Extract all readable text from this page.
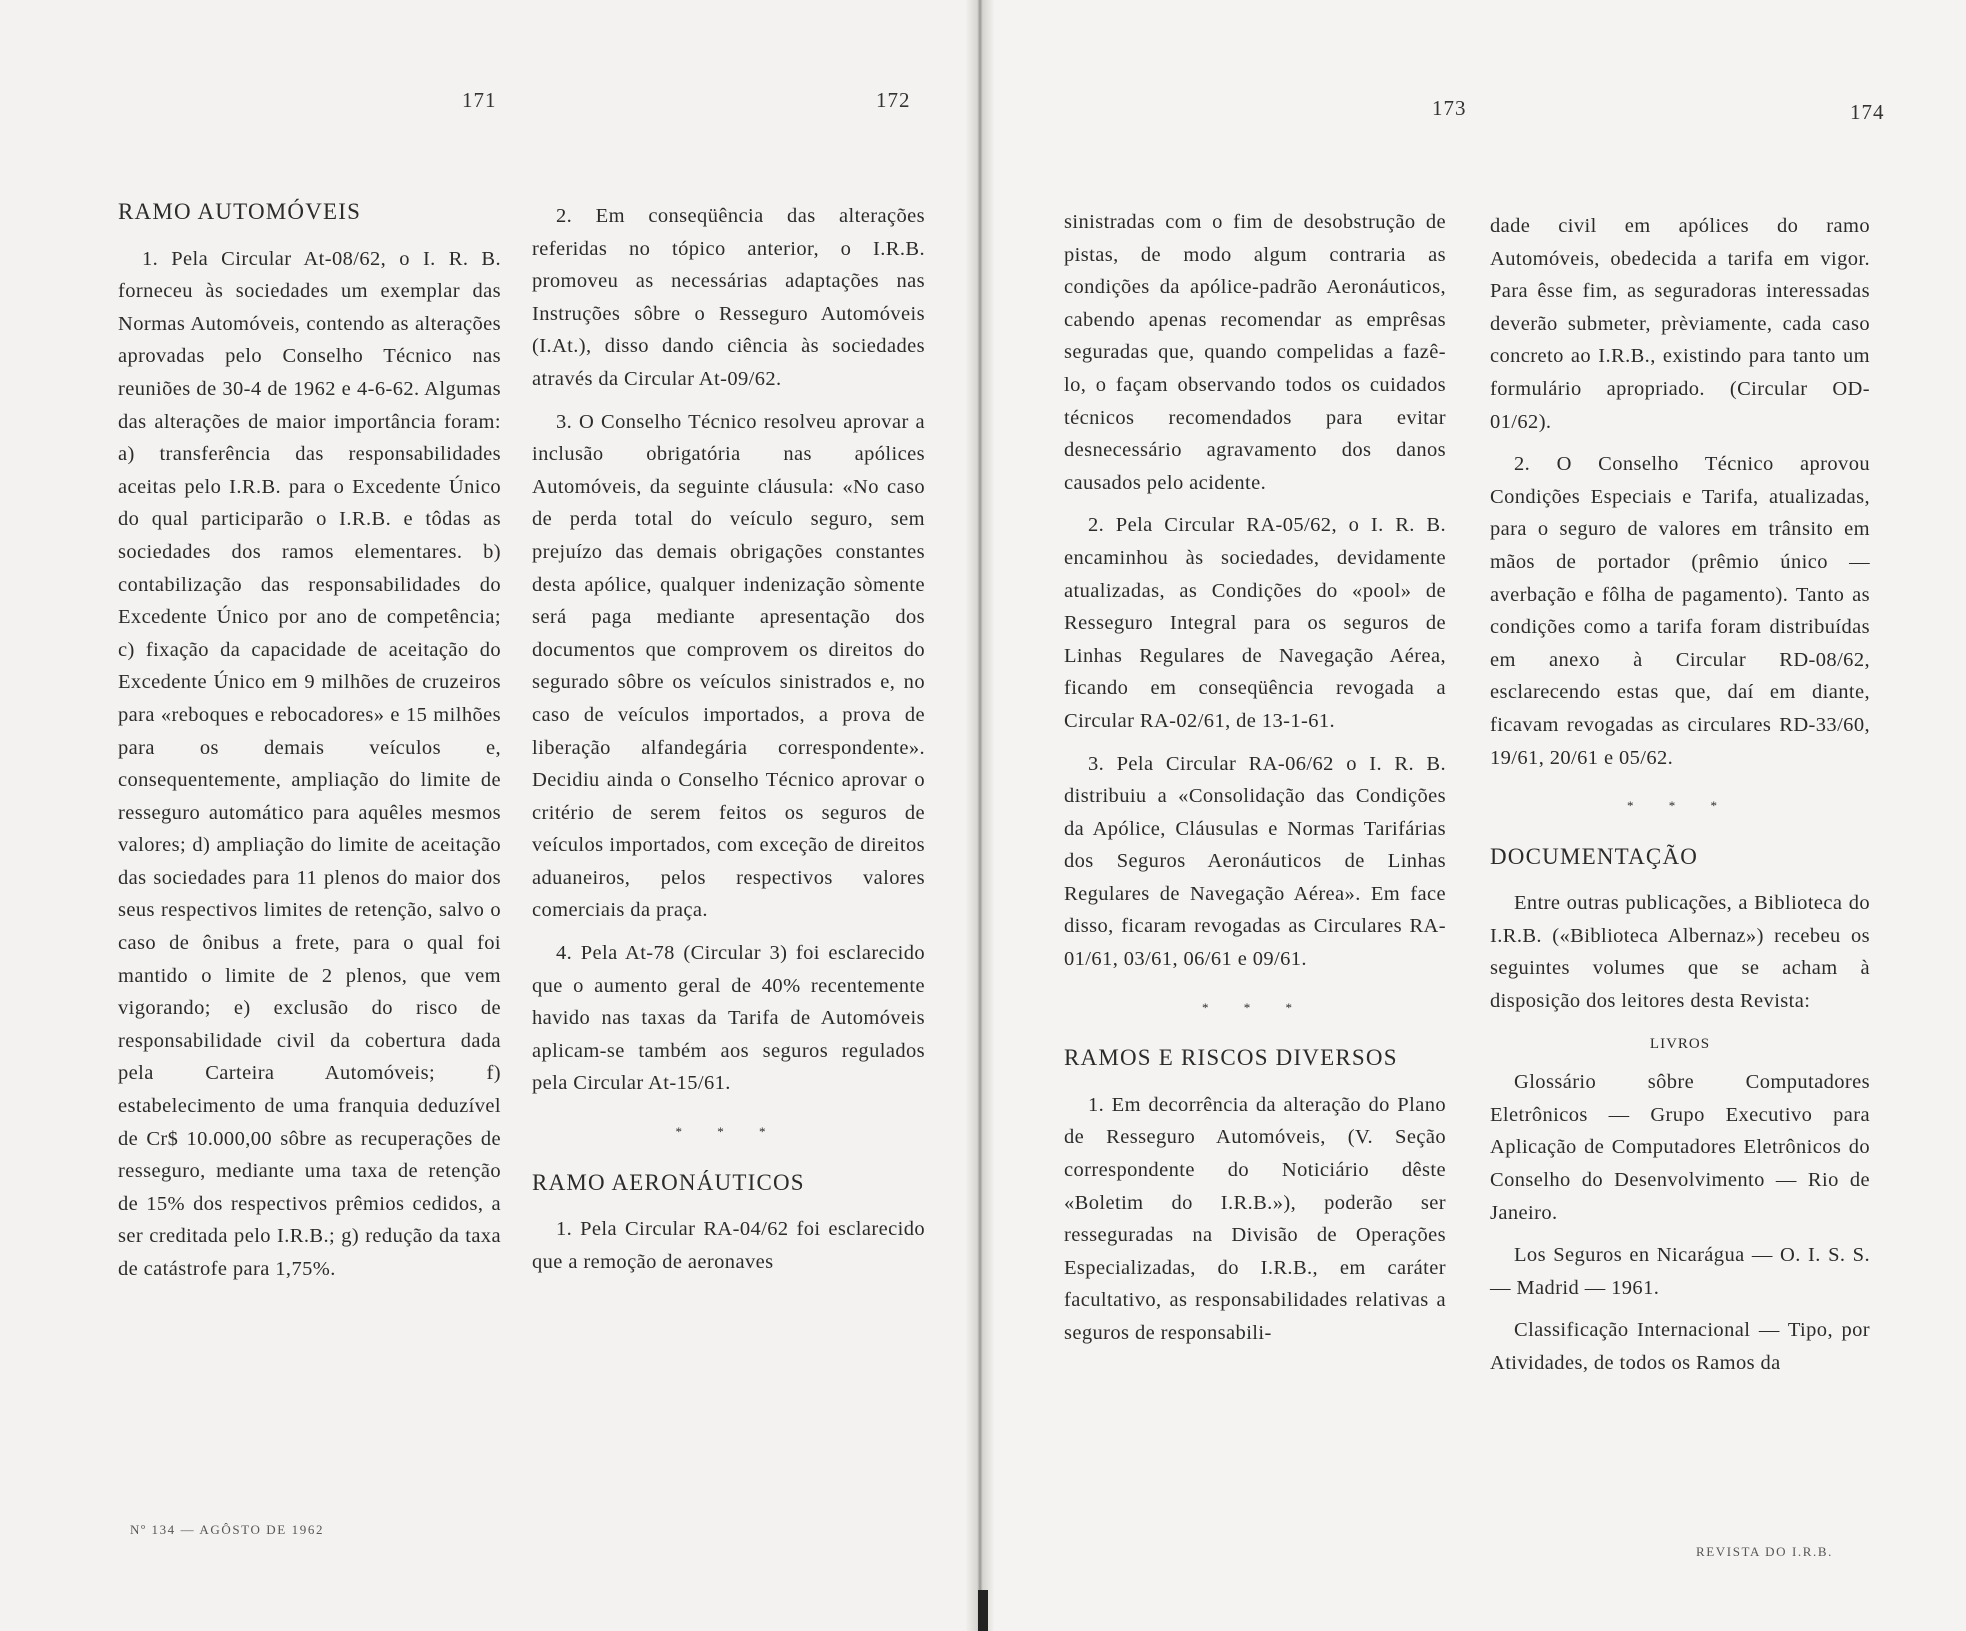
171	172
RAMO AUTOMÓVEIS

1. Pela Circular At-08/62, o I. R. B. forneceu às sociedades um exemplar das Normas Automóveis, contendo as alterações aprovadas pelo Conselho Técnico nas reuniões de 30-4 de 1962 e 4-6-62. Algumas das alterações de maior importância foram: a) transferência das responsabilidades aceitas pelo I.R.B. para o Excedente Único do qual participarão o I.R.B. e tôdas as sociedades dos ramos elementares. b) contabilização das responsabilidades do Excedente Único por ano de competência; c) fixação da capacidade de aceitação do Excedente Único em 9 milhões de cruzeiros para «reboques e rebocadores» e 15 milhões para os demais veículos e, consequentemente, ampliação do limite de resseguro automático para aquêles mesmos valores; d) ampliação do limite de aceitação das sociedades para 11 plenos do maior dos seus respectivos limites de retenção, salvo o caso de ônibus a frete, para o qual foi mantido o limite de 2 plenos, que vem vigorando; e) exclusão do risco de responsabilidade civil da cobertura dada pela Carteira Automóveis; f) estabelecimento de uma franquia deduzível de Cr$ 10.000,00 sôbre as recuperações de resseguro, mediante uma taxa de retenção de 15% dos respectivos prêmios cedidos, a ser creditada pelo I.R.B.; g) redução da taxa de catástrofe para 1,75%.

2. Em conseqüência das alterações referidas no tópico anterior, o I.R.B. promoveu as necessárias adaptações nas Instruções sôbre o Resseguro Automóveis (I.At.), disso dando ciência às sociedades através da Circular At-09/62.

3. O Conselho Técnico resolveu aprovar a inclusão obrigatória nas apólices Automóveis, da seguinte cláusula: «No caso de perda total do veículo seguro, sem prejuízo das demais obrigações constantes desta apólice, qualquer indenização sòmente será paga mediante apresentação dos documentos que comprovem os direitos do segurado sôbre os veículos sinistrados e, no caso de veículos importados, a prova de liberação alfandegária correspondente». Decidiu ainda o Conselho Técnico aprovar o critério de serem feitos os seguros de veículos importados, com exceção de direitos aduaneiros, pelos respectivos valores comerciais da praça.

4. Pela At-78 (Circular 3) foi esclarecido que o aumento geral de 40% recentemente havido nas taxas da Tarifa de Automóveis aplicam-se também aos seguros regulados pela Circular At-15/61.

* * *
RAMO AERONÁUTICOS

1. Pela Circular RA-04/62 foi esclarecido que a remoção de aeronaves

Nº 134 — AGÔSTO DE 1962
173	174

sinistradas com o fim de desobstrução de pistas, de modo algum contraria as condições da apólice-padrão Aeronáuticos, cabendo apenas recomendar as emprêsas seguradas que, quando compelidas a fazê-lo, o façam observando todos os cuidados técnicos recomendados para evitar desnecessário agravamento dos danos causados pelo acidente.

2. Pela Circular RA-05/62, o I. R. B. encaminhou às sociedades, devidamente atualizadas, as Condições do «pool» de Resseguro Integral para os seguros de Linhas Regulares de Navegação Aérea, ficando em conseqüência revogada a Circular RA-02/61, de 13-1-61.

3. Pela Circular RA-06/62 o I. R. B. distribuiu a «Consolidação das Condições da Apólice, Cláusulas e Normas Tarifárias dos Seguros Aeronáuticos de Linhas Regulares de Navegação Aérea». Em face disso, ficaram revogadas as Circulares RA-01/61, 03/61, 06/61 e 09/61.

* * *
RAMOS E RISCOS DIVERSOS

1. Em decorrência da alteração do Plano de Resseguro Automóveis, (V. Seção correspondente do Noticiário dêste «Boletim do I.R.B.»), poderão ser resseguradas na Divisão de Operações Especializadas, do I.R.B., em caráter facultativo, as responsabilidades relativas a seguros de responsabili-

dade civil em apólices do ramo Automóveis, obedecida a tarifa em vigor. Para êsse fim, as seguradoras interessadas deverão submeter, prèviamente, cada caso concreto ao I.R.B., existindo para tanto um formulário apropriado. (Circular OD-01/62).

2. O Conselho Técnico aprovou Condições Especiais e Tarifa, atualizadas, para o seguro de valores em trânsito em mãos de portador (prêmio único — averbação e fôlha de pagamento). Tanto as condições como a tarifa foram distribuídas em anexo à Circular RD-08/62, esclarecendo estas que, daí em diante, ficavam revogadas as circulares RD-33/60, 19/61, 20/61 e 05/62.

* * *
DOCUMENTAÇÃO

Entre outras publicações, a Biblioteca do I.R.B. («Biblioteca Albernaz») recebeu os seguintes volumes que se acham à disposição dos leitores desta Revista:

LIVROS

Glossário sôbre Computadores Eletrônicos — Grupo Executivo para Aplicação de Computadores Eletrônicos do Conselho do Desenvolvimento — Rio de Janeiro.

Los Seguros en Nicarágua — O. I. S. S. — Madrid — 1961.

Classificação Internacional — Tipo, por Atividades, de todos os Ramos da

REVISTA DO I.R.B.
